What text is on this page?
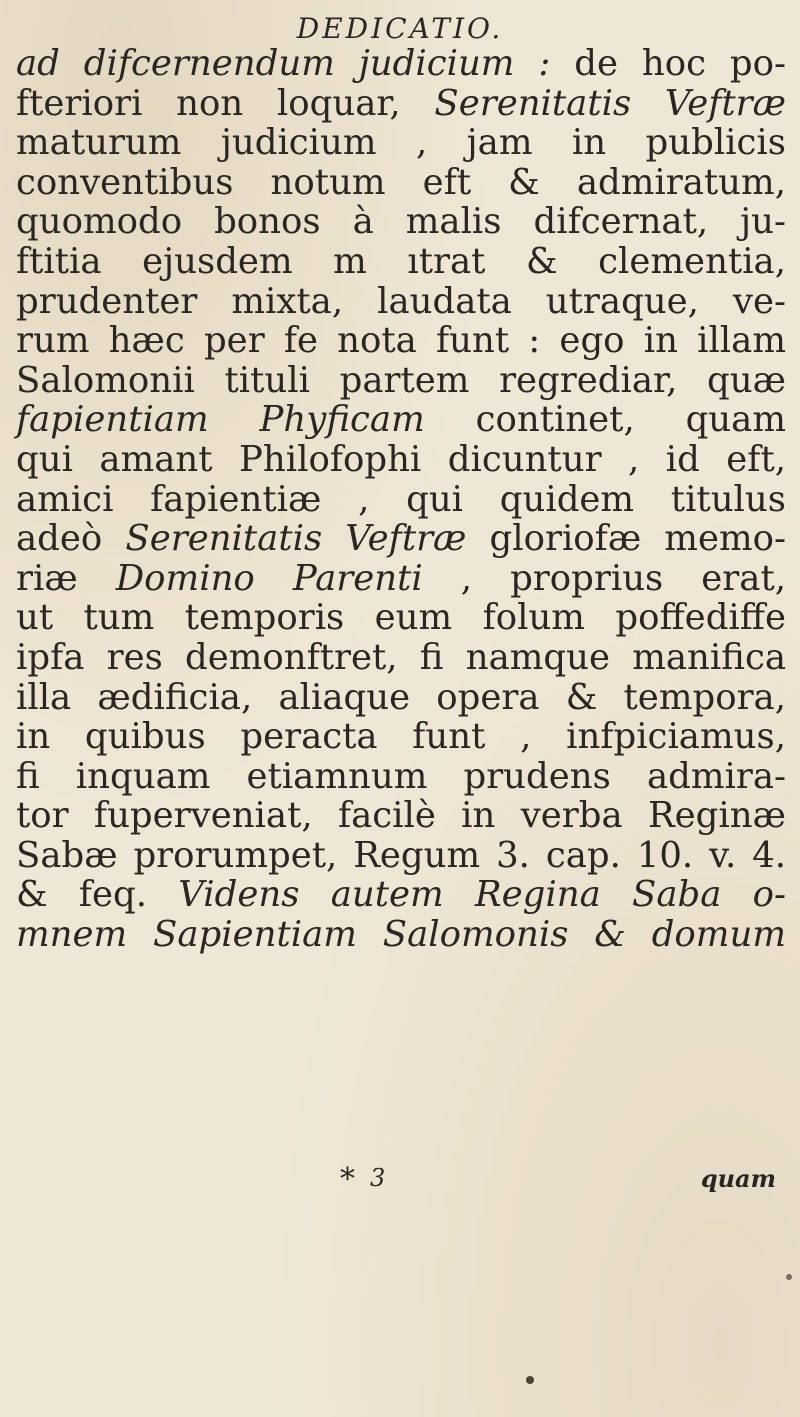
DEDICATIO.
ad difcernendum judicium : de hoc po-
fteriori non loquar, Serenitatis Veftræ
maturum judicium , jam in publicis
conventibus notum eft & admiratum,
quomodo bonos à malis difcernat, ju-
ftitia ejusdem m ıtrat & clementia,
prudenter mixta, laudata utraque, ve-
rum hæc per fe nota funt : ego in illam
Salomonii tituli partem regrediar, quæ
fapientiam Phyficam continet, quam
qui amant Philofophi dicuntur , id eft,
amici fapientiæ , qui quidem titulus
adeò Serenitatis Veftræ gloriofæ memo-
riæ Domino Parenti , proprius erat,
ut tum temporis eum folum poffediffe
ipfa res demonftret, fi namque manifica
illa ædificia, aliaque opera & tempora,
in quibus peracta funt , infpiciamus,
fi inquam etiamnum prudens admira-
tor fuperveniat, facilè in verba Reginæ
Sabæ prorumpet, Regum 3. cap. 10. v. 4.
& feq. Videns autem Regina Saba o-
mnem Sapientiam Salomonis & domum
* 3	quam
